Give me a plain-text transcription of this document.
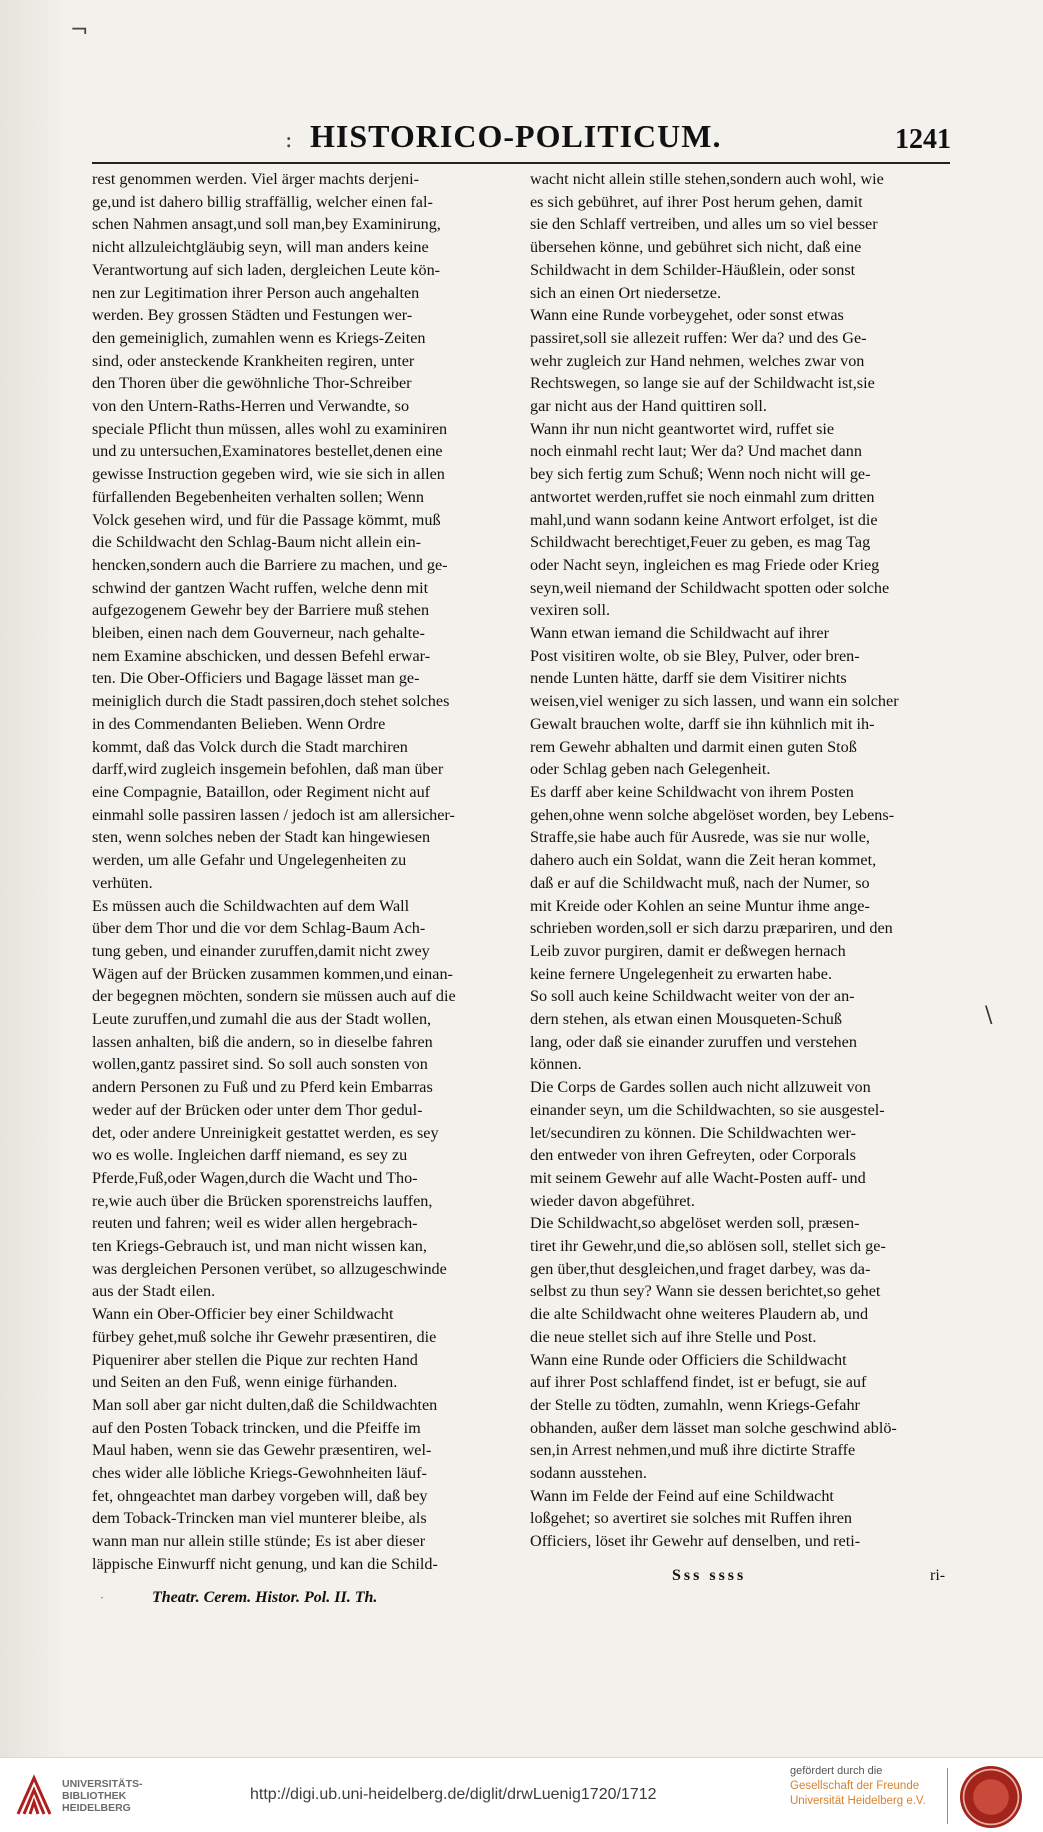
¬
: HISTORICO-POLITICUM.	1241

rest genommen werden. Viel ärger machts derjeni-

ge,und ist dahero billig straffällig, welcher einen fal-

schen Nahmen ansagt,und soll man,bey Examinirung,

nicht allzuleichtgläubig seyn, will man anders keine

Verantwortung auf sich laden, dergleichen Leute kön-

nen zur Legitimation ihrer Person auch angehalten

werden. Bey grossen Städten und Festungen wer-

den gemeiniglich, zumahlen wenn es Kriegs-Zeiten

sind, oder ansteckende Krankheiten regiren, unter

den Thoren über die gewöhnliche Thor-Schreiber

von den Untern-Raths-Herren und Verwandte, so

speciale Pflicht thun müssen, alles wohl zu examiniren

und zu untersuchen,Examinatores bestellet,denen eine

gewisse Instruction gegeben wird, wie sie sich in allen

fürfallenden Begebenheiten verhalten sollen; Wenn

Volck gesehen wird, und für die Passage kömmt, muß

die Schildwacht den Schlag-Baum nicht allein ein-

hencken,sondern auch die Barriere zu machen, und ge-

schwind der gantzen Wacht ruffen, welche denn mit

aufgezogenem Gewehr bey der Barriere muß stehen

bleiben, einen nach dem Gouverneur, nach gehalte-

nem Examine abschicken, und dessen Befehl erwar-

ten. Die Ober-Officiers und Bagage lässet man ge-

meiniglich durch die Stadt passiren,doch stehet solches

in des Commendanten Belieben. Wenn Ordre

kommt, daß das Volck durch die Stadt marchiren

darff,wird zugleich insgemein befohlen, daß man über

eine Compagnie, Bataillon, oder Regiment nicht auf

einmahl solle passiren lassen / jedoch ist am allersicher-

sten, wenn solches neben der Stadt kan hingewiesen

werden, um alle Gefahr und Ungelegenheiten zu

verhüten.

Es müssen auch die Schildwachten auf dem Wall

über dem Thor und die vor dem Schlag-Baum Ach-

tung geben, und einander zuruffen,damit nicht zwey

Wägen auf der Brücken zusammen kommen,und einan-

der begegnen möchten, sondern sie müssen auch auf die

Leute zuruffen,und zumahl die aus der Stadt wollen,

lassen anhalten, biß die andern, so in dieselbe fahren

wollen,gantz passiret sind. So soll auch sonsten von

andern Personen zu Fuß und zu Pferd kein Embarras

weder auf der Brücken oder unter dem Thor gedul-

det, oder andere Unreinigkeit gestattet werden, es sey

wo es wolle. Ingleichen darff niemand, es sey zu

Pferde,Fuß,oder Wagen,durch die Wacht und Tho-

re,wie auch über die Brücken sporenstreichs lauffen,

reuten und fahren; weil es wider allen hergebrach-

ten Kriegs-Gebrauch ist, und man nicht wissen kan,

was dergleichen Personen verübet, so allzugeschwinde

aus der Stadt eilen.

Wann ein Ober-Officier bey einer Schildwacht

fürbey gehet,muß solche ihr Gewehr præsentiren, die

Piquenirer aber stellen die Pique zur rechten Hand

und Seiten an den Fuß, wenn einige fürhanden.

Man soll aber gar nicht dulten,daß die Schildwachten

auf den Posten Toback trincken, und die Pfeiffe im

Maul haben, wenn sie das Gewehr præsentiren, wel-

ches wider alle löbliche Kriegs-Gewohnheiten läuf-

fet, ohngeachtet man darbey vorgeben will, daß bey

dem Toback-Trincken man viel munterer bleibe, als

wann man nur allein stille stünde; Es ist aber dieser

läppische Einwurff nicht genung, und kan die Schild-

wacht nicht allein stille stehen,sondern auch wohl, wie

es sich gebühret, auf ihrer Post herum gehen, damit

sie den Schlaff vertreiben, und alles um so viel besser

übersehen könne, und gebühret sich nicht, daß eine

Schildwacht in dem Schilder-Häußlein, oder sonst

sich an einen Ort niedersetze.

Wann eine Runde vorbeygehet, oder sonst etwas

passiret,soll sie allezeit ruffen: Wer da? und des Ge-

wehr zugleich zur Hand nehmen, welches zwar von

Rechtswegen, so lange sie auf der Schildwacht ist,sie

gar nicht aus der Hand quittiren soll.

Wann ihr nun nicht geantwortet wird, ruffet sie

noch einmahl recht laut; Wer da? Und machet dann

bey sich fertig zum Schuß; Wenn noch nicht will ge-

antwortet werden,ruffet sie noch einmahl zum dritten

mahl,und wann sodann keine Antwort erfolget, ist die

Schildwacht berechtiget,Feuer zu geben, es mag Tag

oder Nacht seyn, ingleichen es mag Friede oder Krieg

seyn,weil niemand der Schildwacht spotten oder solche

vexiren soll.

Wann etwan iemand die Schildwacht auf ihrer

Post visitiren wolte, ob sie Bley, Pulver, oder bren-

nende Lunten hätte, darff sie dem Visitirer nichts

weisen,viel weniger zu sich lassen, und wann ein solcher

Gewalt brauchen wolte, darff sie ihn kühnlich mit ih-

rem Gewehr abhalten und darmit einen guten Stoß

oder Schlag geben nach Gelegenheit.

Es darff aber keine Schildwacht von ihrem Posten

gehen,ohne wenn solche abgelöset worden, bey Lebens-

Straffe,sie habe auch für Ausrede, was sie nur wolle,

dahero auch ein Soldat, wann die Zeit heran kommet,

daß er auf die Schildwacht muß, nach der Numer, so

mit Kreide oder Kohlen an seine Muntur ihme ange-

schrieben worden,soll er sich darzu præpariren, und den

Leib zuvor purgiren, damit er deßwegen hernach

keine fernere Ungelegenheit zu erwarten habe.

So soll auch keine Schildwacht weiter von der an-

dern stehen, als etwan einen Mousqueten-Schuß

lang, oder daß sie einander zuruffen und verstehen

können.

Die Corps de Gardes sollen auch nicht allzuweit von

einander seyn, um die Schildwachten, so sie ausgestel-

let/secundiren zu können. Die Schildwachten wer-

den entweder von ihren Gefreyten, oder Corporals

mit seinem Gewehr auf alle Wacht-Posten auff- und

wieder davon abgeführet.

Die Schildwacht,so abgelöset werden soll, præsen-

tiret ihr Gewehr,und die,so ablösen soll, stellet sich ge-

gen über,thut desgleichen,und fraget darbey, was da-

selbst zu thun sey? Wann sie dessen berichtet,so gehet

die alte Schildwacht ohne weiteres Plaudern ab, und

die neue stellet sich auf ihre Stelle und Post.

Wann eine Runde oder Officiers die Schildwacht

auf ihrer Post schlaffend findet, ist er befugt, sie auf

der Stelle zu tödten, zumahln, wenn Kriegs-Gefahr

obhanden, außer dem lässet man solche geschwind ablö-

sen,in Arrest nehmen,und muß ihre dictirte Straffe

sodann ausstehen.

Wann im Felde der Feind auf eine Schildwacht

loßgehet; so avertiret sie solches mit Ruffen ihren

Officiers, löset ihr Gewehr auf denselben, und reti-

\
·	Theatr. Cerem. Histor. Pol. II. Th.
Sss ssss	ri-
UNIVERSITÄTS-
BIBLIOTHEK
HEIDELBERG
http://digi.ub.uni-heidelberg.de/diglit/drwLuenig1720/1712
gefördert durch die
Gesellschaft der Freunde
Universität Heidelberg e.V.
